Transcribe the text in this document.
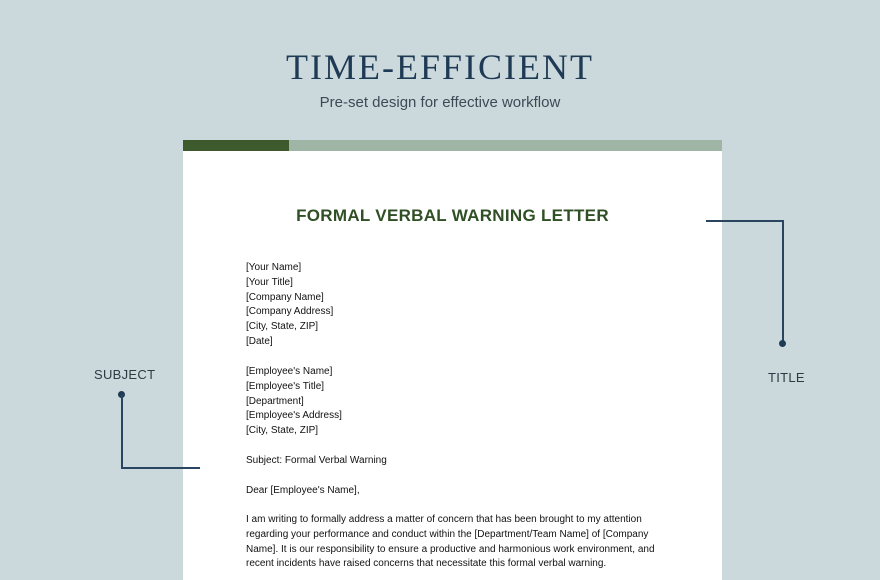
TIME-EFFICIENT
Pre-set design for effective workflow
FORMAL VERBAL WARNING LETTER
[Your Name]
[Your Title]
[Company Name]
[Company Address]
[City, State, ZIP]
[Date]
[Employee's Name]
[Employee's Title]
[Department]
[Employee's Address]
[City, State, ZIP]
Subject: Formal Verbal Warning
Dear [Employee's Name],
I am writing to formally address a matter of concern that has been brought to my attention regarding your performance and conduct within the [Department/Team Name] of [Company Name]. It is our responsibility to ensure a productive and harmonious work environment, and recent incidents have raised concerns that necessitate this formal verbal warning.
SUBJECT	TITLE
